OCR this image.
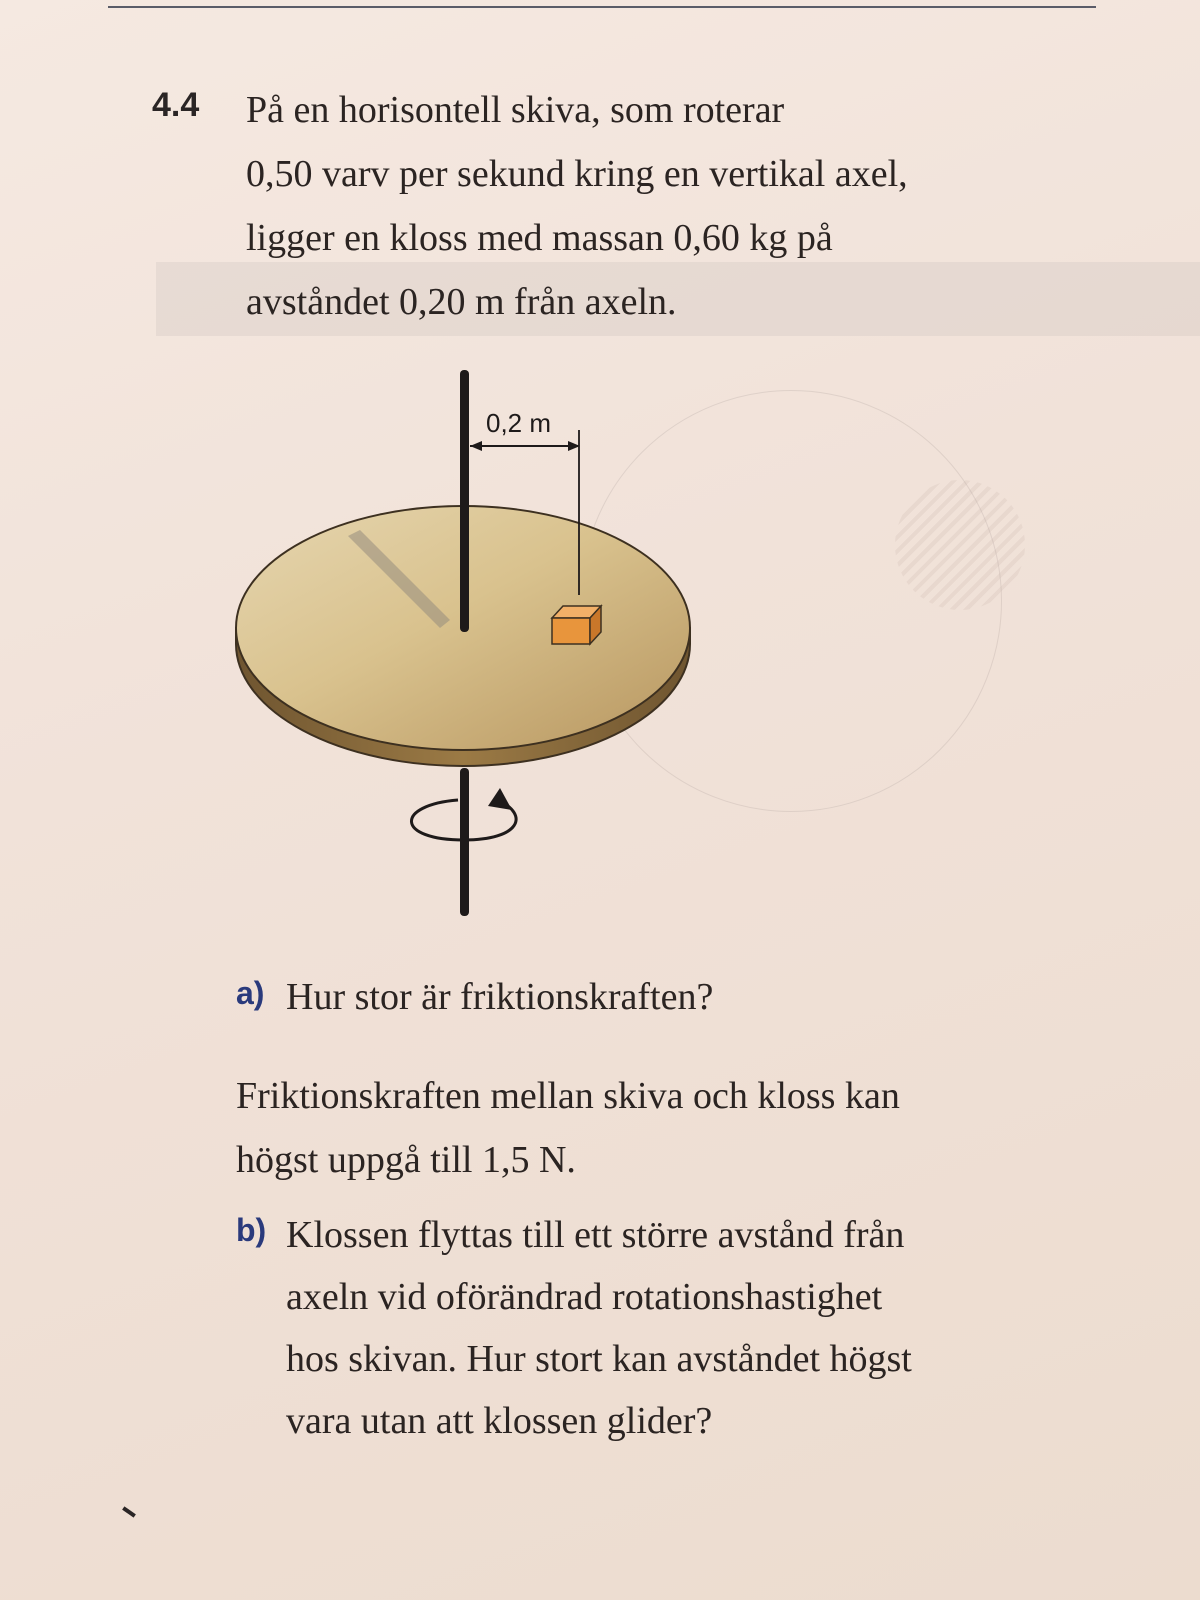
4.4 På en horisontell skiva, som roterar
0,50 varv per sekund kring en vertikal axel,
ligger en kloss med massan 0,60 kg på
avståndet 0,20 m från axeln.
0,2 m
a) Hur stor är friktionskraften?
Friktionskraften mellan skiva och kloss kan
högst uppgå till 1,5 N.
b) Klossen flyttas till ett större avstånd från
axeln vid oförändrad rotationshastighet
hos skivan. Hur stort kan avståndet högst
vara utan att klossen glider?
